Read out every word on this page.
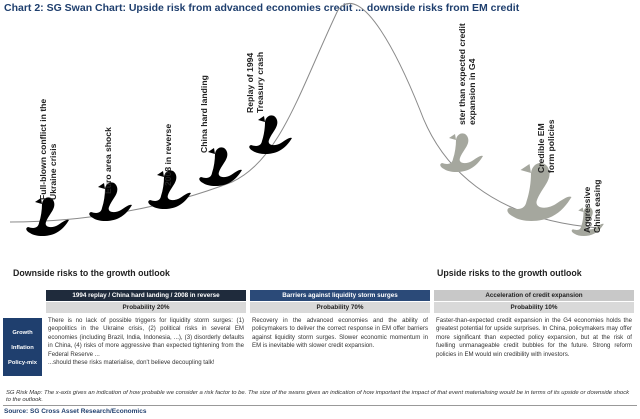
Chart 2: SG Swan Chart: Upside risk from advanced economies credit ... downside risks from EM credit
Full-blown conflict in the Ukraine crisis	Euro area shock	2008 in reverse
China hard landing	Replay of 1994 Treasury crash	ster than expected credit expansion in G4
Credible EM form policies
Aggressive China easing
Downside risks to the growth outlook	Upside risks to the growth outlook
1994 replay / China hard landing / 2008 in reverse	Barriers against liquidity storm surges	Acceleration of credit expansion
Probability 20%	Probability 70%	Probability 10%
There is no lack of possible triggers for liquidity storm surges: (1) geopolitics in the Ukraine crisis, (2) political risks in several EM economies (including Brazil, India, Indonesia, ...), (3) disorderly defaults in China, (4) risks of more aggressive than expected tightening from the Federal Reserve ...
...should these risks materialise, don't believe decoupling talk!
Recovery in the advanced economies and the ability of policymakers to deliver the correct response in EM offer barriers against liquidity storm surges. Slower economic momentum in EM is inevitable with slower credit expansion.
Faster-than-expected credit expansion in the G4 economies holds the greatest potential for upside surprises. In China, policymakers may offer more significant than expected policy expansion, but at the risk of fuelling unmanageable credit bubbles for the future. Strong reform policies in EM would win credibility with investors.
Growth
Inflation
Policy-mix
SG Risk Map: The x-axis gives an indication of how probable we consider a risk factor to be. The size of the swans gives an indication of how important the impact of that event materialising would be in terms of its upside or downside shock to the outlook.
Source: SG Cross Asset Research/Economics
